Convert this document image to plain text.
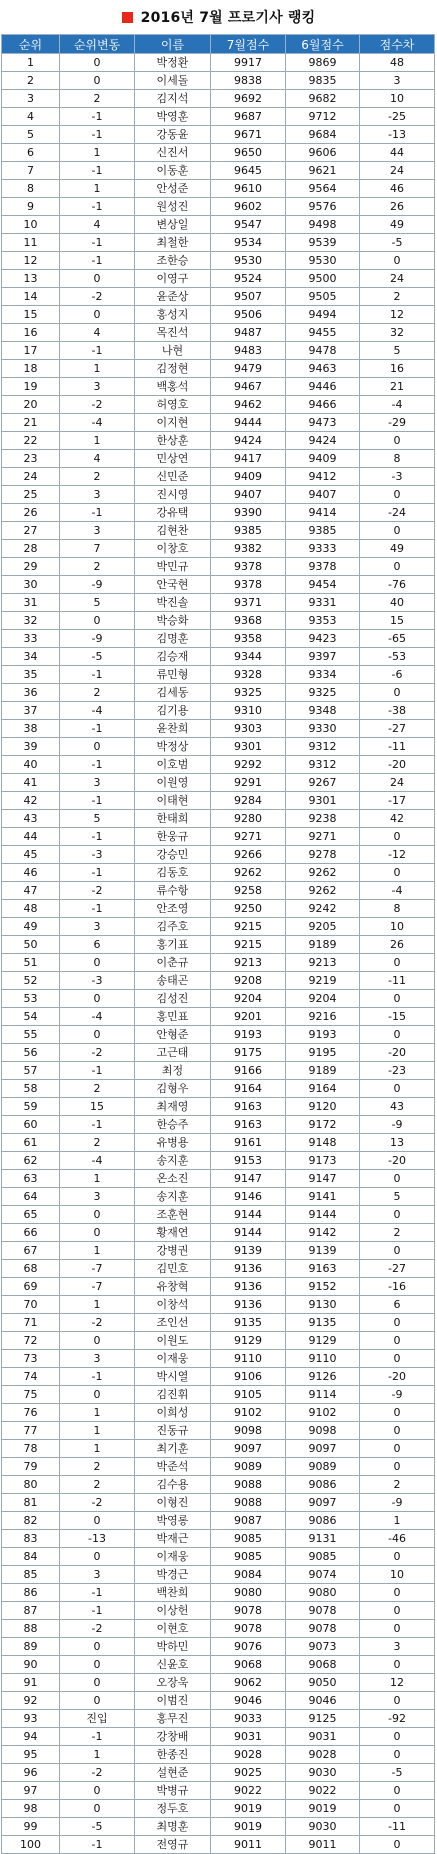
2016년 7월 프로기사 랭킹
순위	순위변동	이름	7월점수	6월점수	점수차
1	0	박정환	9917	9869	48
2	0	이세돌	9838	9835	3
3	2	김지석	9692	9682	10
4	-1	박영훈	9687	9712	-25
5	-1	강동윤	9671	9684	-13
6	1	신진서	9650	9606	44
7	-1	이동훈	9645	9621	24
8	1	안성준	9610	9564	46
9	-1	원성진	9602	9576	26
10	4	변상일	9547	9498	49
11	-1	최철한	9534	9539	-5
12	-1	조한승	9530	9530	0
13	0	이영구	9524	9500	24
14	-2	윤준상	9507	9505	2
15	0	홍성지	9506	9494	12
16	4	목진석	9487	9455	32
17	-1	나현	9483	9478	5
18	1	김정현	9479	9463	16
19	3	백홍석	9467	9446	21
20	-2	허영호	9462	9466	-4
21	-4	이지현	9444	9473	-29
22	1	한상훈	9424	9424	0
23	4	민상연	9417	9409	8
24	2	신민준	9409	9412	-3
25	3	진시영	9407	9407	0
26	-1	강유택	9390	9414	-24
27	3	김현찬	9385	9385	0
28	7	이창호	9382	9333	49
29	2	박민규	9378	9378	0
30	-9	안국현	9378	9454	-76
31	5	박진솔	9371	9331	40
32	0	박승화	9368	9353	15
33	-9	김명훈	9358	9423	-65
34	-5	김승재	9344	9397	-53
35	-1	류민형	9328	9334	-6
36	2	김세동	9325	9325	0
37	-4	김기용	9310	9348	-38
38	-1	윤찬희	9303	9330	-27
39	0	박정상	9301	9312	-11
40	-1	이호범	9292	9312	-20
41	3	이원영	9291	9267	24
42	-1	이태현	9284	9301	-17
43	5	한태희	9280	9238	42
44	-1	한웅규	9271	9271	0
45	-3	강승민	9266	9278	-12
46	-1	김동호	9262	9262	0
47	-2	류수항	9258	9262	-4
48	-1	안조영	9250	9242	8
49	3	김주호	9215	9205	10
50	6	홍기표	9215	9189	26
51	0	이춘규	9213	9213	0
52	-3	송태곤	9208	9219	-11
53	0	김성진	9204	9204	0
54	-4	홍민표	9201	9216	-15
55	0	안형준	9193	9193	0
56	-2	고근태	9175	9195	-20
57	-1	최정	9166	9189	-23
58	2	김형우	9164	9164	0
59	15	최재영	9163	9120	43
60	-1	한승주	9163	9172	-9
61	2	유병용	9161	9148	13
62	-4	송지훈	9153	9173	-20
63	1	온소진	9147	9147	0
64	3	송지훈	9146	9141	5
65	0	조훈현	9144	9144	0
66	0	황재연	9144	9142	2
67	1	강병권	9139	9139	0
68	-7	김민호	9136	9163	-27
69	-7	유창혁	9136	9152	-16
70	1	이창석	9136	9130	6
71	-2	조인선	9135	9135	0
72	0	이원도	9129	9129	0
73	3	이재웅	9110	9110	0
74	-1	박시열	9106	9126	-20
75	0	김진휘	9105	9114	-9
76	1	이희성	9102	9102	0
77	1	진동규	9098	9098	0
78	1	최기훈	9097	9097	0
79	2	박준석	9089	9089	0
80	2	김수용	9088	9086	2
81	-2	이형진	9088	9097	-9
82	0	박영롱	9087	9086	1
83	-13	박재근	9085	9131	-46
84	0	이재웅	9085	9085	0
85	3	박경근	9084	9074	10
86	-1	백찬희	9080	9080	0
87	-1	이상헌	9078	9078	0
88	-2	이현호	9078	9078	0
89	0	박하민	9076	9073	3
90	0	신윤호	9068	9068	0
91	0	오장욱	9062	9050	12
92	0	이범진	9046	9046	0
93	진입	홍무진	9033	9125	-92
94	-1	강창배	9031	9031	0
95	1	한종진	9028	9028	0
96	-2	설현준	9025	9030	-5
97	0	박병규	9022	9022	0
98	0	정두호	9019	9019	0
99	-5	최명훈	9019	9030	-11
100	-1	전영규	9011	9011	0
